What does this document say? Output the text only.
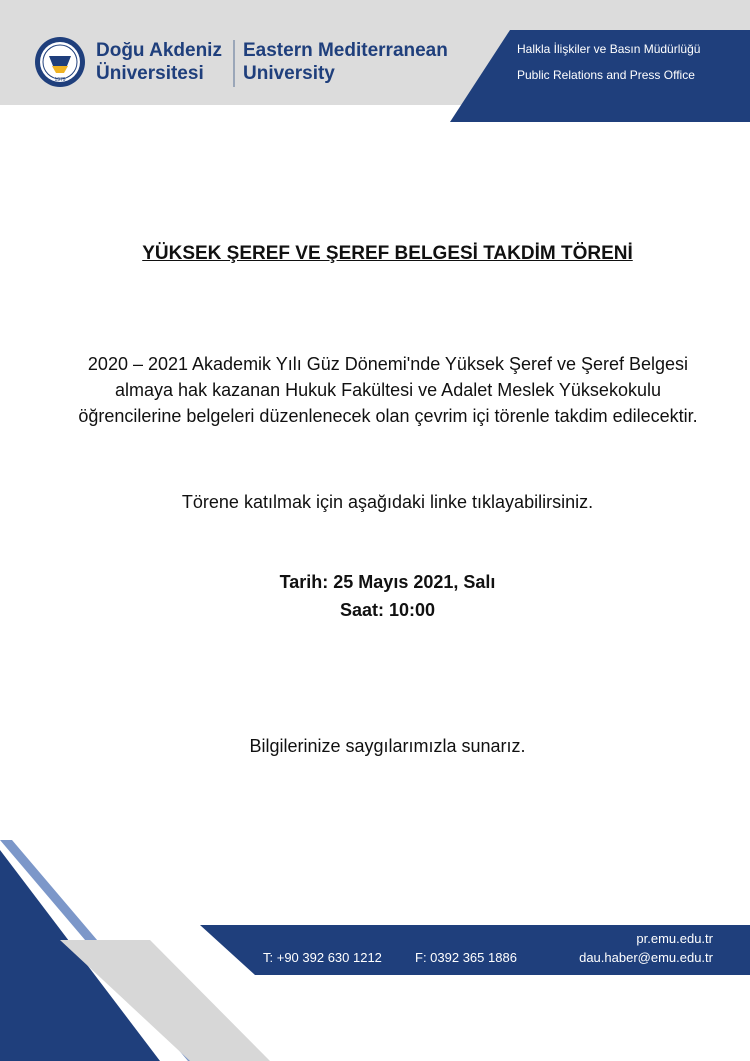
Halkla İlişkiler ve Basın Müdürlüğü
Public Relations and Press Office
1979
Doğu Akdeniz
Üniversitesi
Eastern Mediterranean
University
YÜKSEK ŞEREF VE ŞEREF BELGESİ TAKDİM TÖRENİ
2020 – 2021 Akademik Yılı Güz Dönemi'nde Yüksek Şeref ve Şeref Belgesi almaya hak kazanan Hukuk Fakültesi ve Adalet Meslek Yüksekokulu öğrencilerine belgeleri düzenlenecek olan çevrim içi törenle takdim edilecektir.
Törene katılmak için aşağıdaki linke tıklayabilirsiniz.
Tarih: 25 Mayıs 2021, Salı
Saat: 10:00
Bilgilerinize saygılarımızla sunarız.
T: +90 392 630 1212	F: 0392 365 1886
pr.emu.edu.tr
dau.haber@emu.edu.tr
